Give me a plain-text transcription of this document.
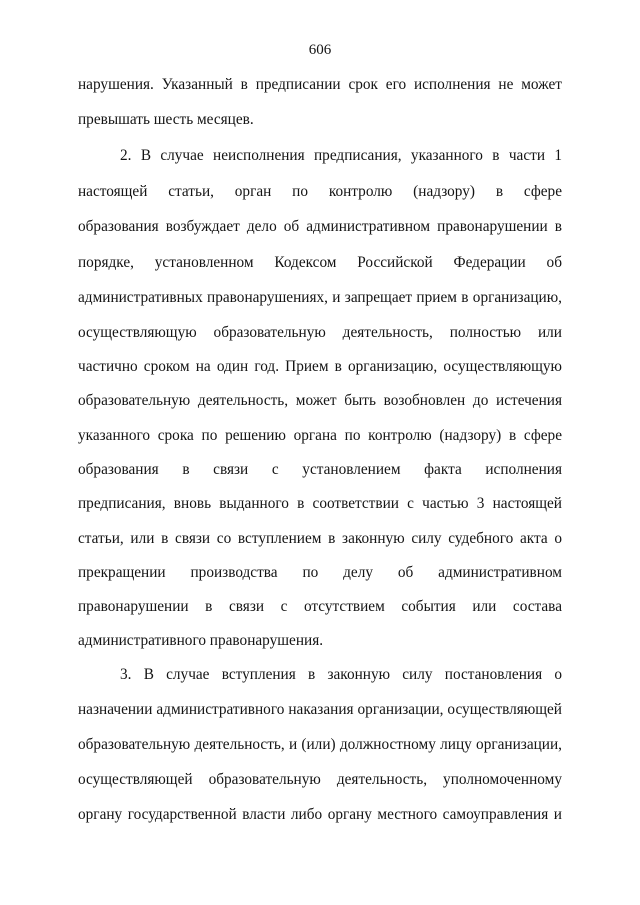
606
нарушения. Указанный в предписании срок его исполнения не может
превышать шесть месяцев.
2. В случае неисполнения предписания, указанного в части 1
настоящей статьи, орган по контролю (надзору) в сфере
образования возбуждает дело об административном правонарушении в
порядке, установленном Кодексом Российской Федерации об
административных правонарушениях, и запрещает прием в организацию,
осуществляющую образовательную деятельность, полностью или
частично сроком на один год. Прием в организацию, осуществляющую
образовательную деятельность, может быть возобновлен до истечения
указанного срока по решению органа по контролю (надзору) в сфере
образования в связи с установлением факта исполнения
предписания, вновь выданного в соответствии с частью 3 настоящей
статьи, или в связи со вступлением в законную силу судебного акта о
прекращении производства по делу об административном
правонарушении в связи с отсутствием события или состава
административного правонарушения.
3. В случае вступления в законную силу постановления о
назначении административного наказания организации, осуществляющей
образовательную деятельность, и (или) должностному лицу организации,
осуществляющей образовательную деятельность, уполномоченному
органу государственной власти либо органу местного самоуправления и
